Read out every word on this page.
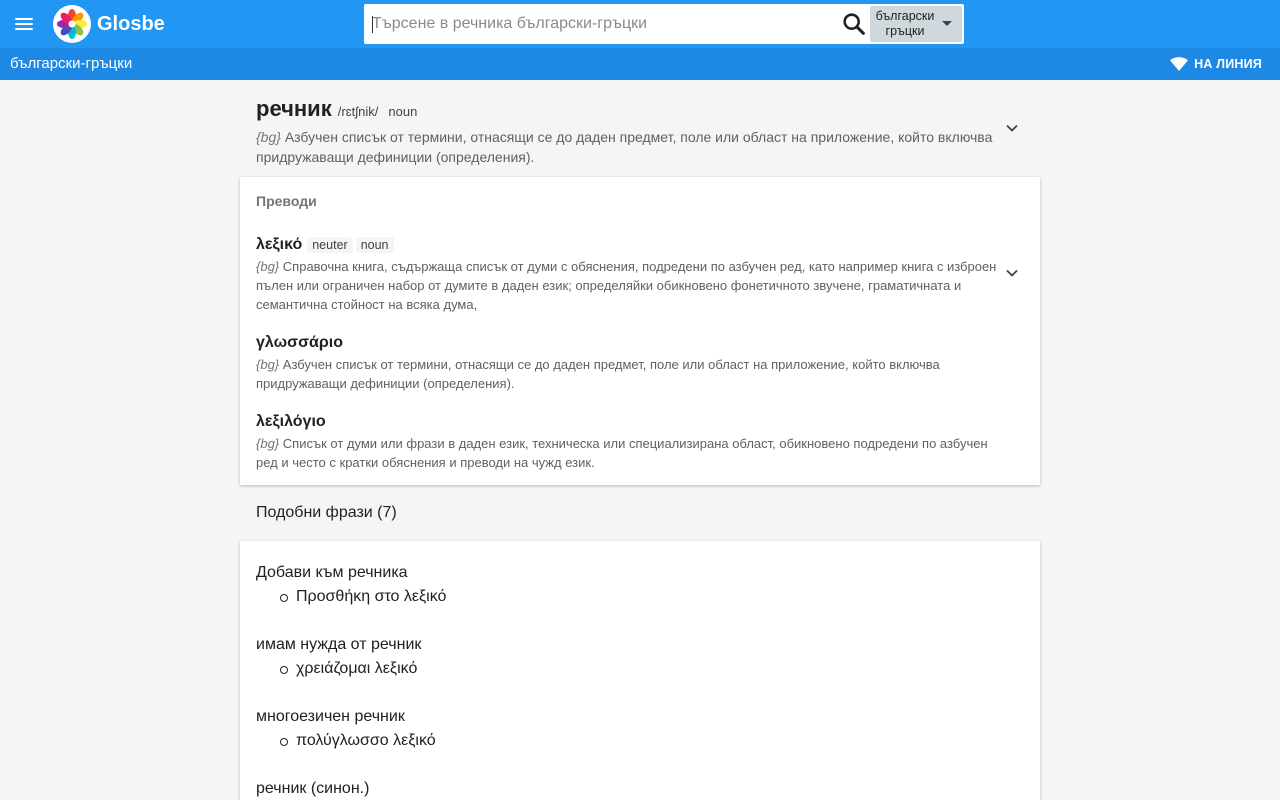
Glosbe
Търсене в речника български-гръцки	български гръцки
български-гръцки	НА ЛИНИЯ
речник /rɛtʃnik/ noun
{bg} Азбучен списък от термини, отнасящи се до даден предмет, поле или област на приложение, който включва придружаващи дефиниции (определения).
Преводи
λεξικό neuter	noun
{bg} Справочна книга, съдържаща списък от думи с обяснения, подредени по азбучен ред, като например книга с изброен пълен или ограничен набор от думите в даден език; определяйки обикновено фонетичното звучене, граматичната и семантична стойност на всяка дума,
γλωσσάριο
{bg} Азбучен списък от термини, отнасящи се до даден предмет, поле или област на приложение, който включва придружаващи дефиниции (определения).
λεξιλόγιο
{bg} Списък от думи или фрази в даден език, техническа или специализирана област, обикновено подредени по азбучен ред и често с кратки обяснения и преводи на чужд език.
Подобни фрази (7)
Добави към речника
Προσθήκη στο λεξικό
имам нужда от речник
χρειάζομαι λεξικό
многоезичен речник
πολύγλωσσο λεξικό
речник (синон.)
